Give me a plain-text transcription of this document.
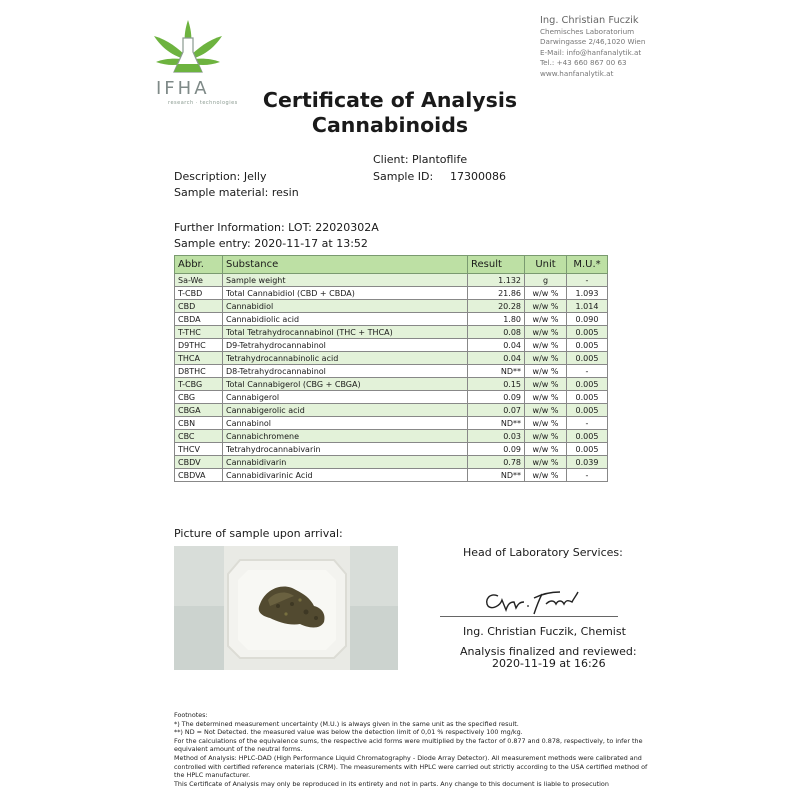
IFHA
research · technologies
Ing. Christian Fuczik
Chemisches Laboratorium
Darwingasse 2/46,1020 Wien
E-Mail: info@hanfanalytik.at
Tel.: +43 660 867 00 63
www.hanfanalytik.at
Certificate of Analysis
Cannabinoids
Client: Plantoflife
Description: Jelly	Sample ID: 17300086
Sample material: resin
Further Information: LOT: 22020302A
Sample entry: 2020-11-17 at 13:52
Abbr.	Substance	Result	Unit	M.U.*
Sa-We	Sample weight	1.132	g	-
T-CBD	Total Cannabidiol (CBD + CBDA)	21.86	w/w %	1.093
CBD	Cannabidiol	20.28	w/w %	1.014
CBDA	Cannabidiolic acid	1.80	w/w %	0.090
T-THC	Total Tetrahydrocannabinol (THC + THCA)	0.08	w/w %	0.005
D9THC	D9-Tetrahydrocannabinol	0.04	w/w %	0.005
THCA	Tetrahydrocannabinolic acid	0.04	w/w %	0.005
D8THC	D8-Tetrahydrocannabinol	ND**	w/w %	-
T-CBG	Total Cannabigerol (CBG + CBGA)	0.15	w/w %	0.005
CBG	Cannabigerol	0.09	w/w %	0.005
CBGA	Cannabigerolic acid	0.07	w/w %	0.005
CBN	Cannabinol	ND**	w/w %	-
CBC	Cannabichromene	0.03	w/w %	0.005
THCV	Tetrahydrocannabivarin	0.09	w/w %	0.005
CBDV	Cannabidivarin	0.78	w/w %	0.039
CBDVA	Cannabidivarinic Acid	ND**	w/w %	-
Picture of sample upon arrival:
Head of Laboratory Services:
Ing. Christian Fuczik, Chemist
Analysis finalized and reviewed:
2020-11-19 at 16:26
Footnotes:
*) The determined measurement uncertainty (M.U.) is always given in the same unit as the specified result.
**) ND = Not Detected. the measured value was below the detection limit of 0,01 % respectively 100 mg/kg.
For the calculations of the equivalence sums, the respective acid forms were multiplied by the factor of 0.877 and 0.878, respectively, to infer the equivalent amount of the neutral forms.
Method of Analysis: HPLC-DAD (High Performance Liquid Chromatography - Diode Array Detector). All measurement methods were calibrated and controlled with certified reference materials (CRM). The measurements with HPLC were carried out strictly according to the USA certified method of the HPLC manufacturer.
This Certificate of Analysis may only be reproduced in its entirety and not in parts. Any change to this document is liable to prosecution
